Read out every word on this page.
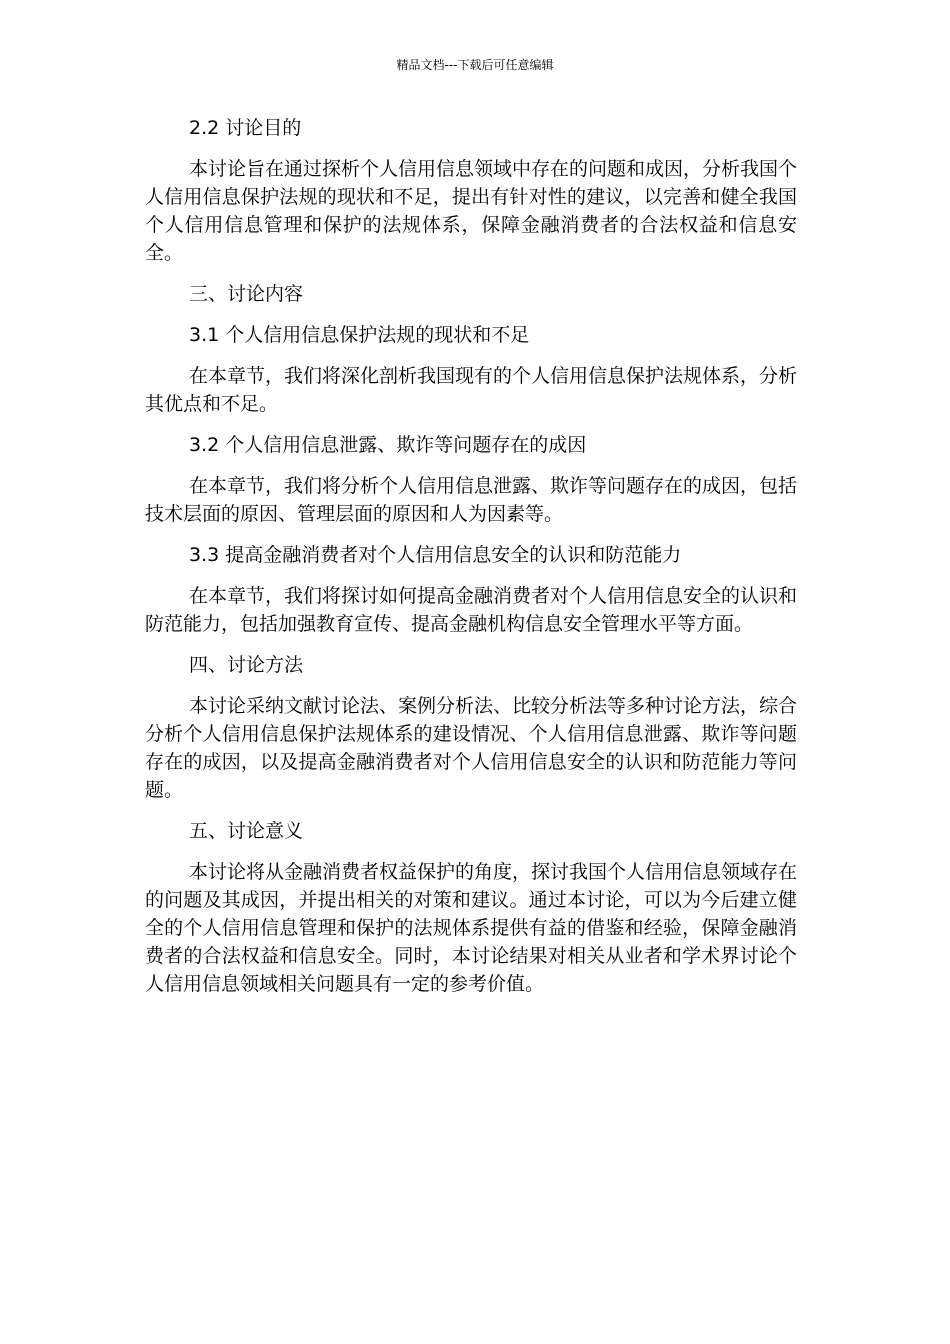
精品文档---下载后可任意编辑
2.2 讨论目的
本讨论旨在通过探析个人信用信息领域中存在的问题和成因，分析我国个人信用信息保护法规的现状和不足，提出有针对性的建议，以完善和健全我国个人信用信息管理和保护的法规体系，保障金融消费者的合法权益和信息安全。
三、讨论内容
3.1 个人信用信息保护法规的现状和不足
在本章节，我们将深化剖析我国现有的个人信用信息保护法规体系，分析其优点和不足。
3.2 个人信用信息泄露、欺诈等问题存在的成因
在本章节，我们将分析个人信用信息泄露、欺诈等问题存在的成因，包括技术层面的原因、管理层面的原因和人为因素等。
3.3 提高金融消费者对个人信用信息安全的认识和防范能力
在本章节，我们将探讨如何提高金融消费者对个人信用信息安全的认识和防范能力，包括加强教育宣传、提高金融机构信息安全管理水平等方面。
四、讨论方法
本讨论采纳文献讨论法、案例分析法、比较分析法等多种讨论方法，综合分析个人信用信息保护法规体系的建设情况、个人信用信息泄露、欺诈等问题存在的成因，以及提高金融消费者对个人信用信息安全的认识和防范能力等问题。
五、讨论意义
本讨论将从金融消费者权益保护的角度，探讨我国个人信用信息领域存在的问题及其成因，并提出相关的对策和建议。通过本讨论，可以为今后建立健全的个人信用信息管理和保护的法规体系提供有益的借鉴和经验，保障金融消费者的合法权益和信息安全。同时，本讨论结果对相关从业者和学术界讨论个人信用信息领域相关问题具有一定的参考价值。
